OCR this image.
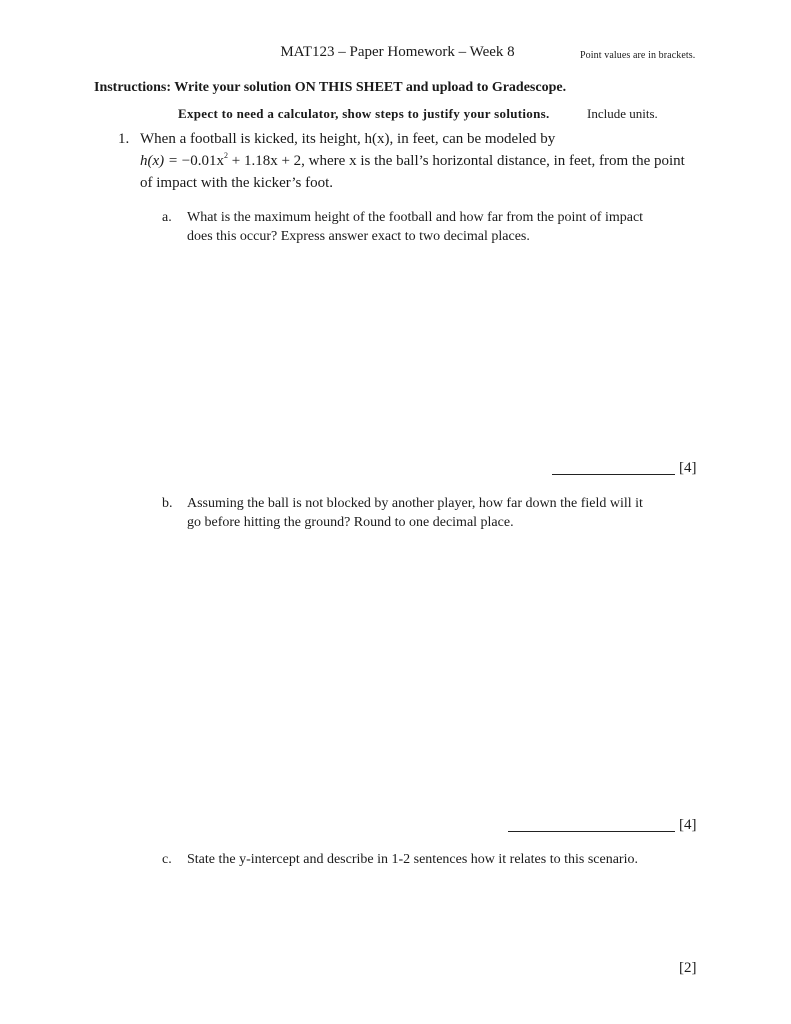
MAT123 – Paper Homework – Week 8	Point values are in brackets.
Instructions: Write your solution ON THIS SHEET and upload to Gradescope.
Expect to need a calculator, show steps to justify your solutions.	Include units.
1. When a football is kicked, its height, h(x), in feet, can be modeled by
$h(x) = -0.01x^2 + 1.18x + 2$, where x is the ball’s horizontal distance, in feet, from the point
of impact with the kicker’s foot.
a. What is the maximum height of the football and how far from the point of impact
does this occur? Express answer exact to two decimal places.
[4]
b. Assuming the ball is not blocked by another player, how far down the field will it
go before hitting the ground? Round to one decimal place.
[4]
c. State the y-intercept and describe in 1-2 sentences how it relates to this scenario.
[2]
